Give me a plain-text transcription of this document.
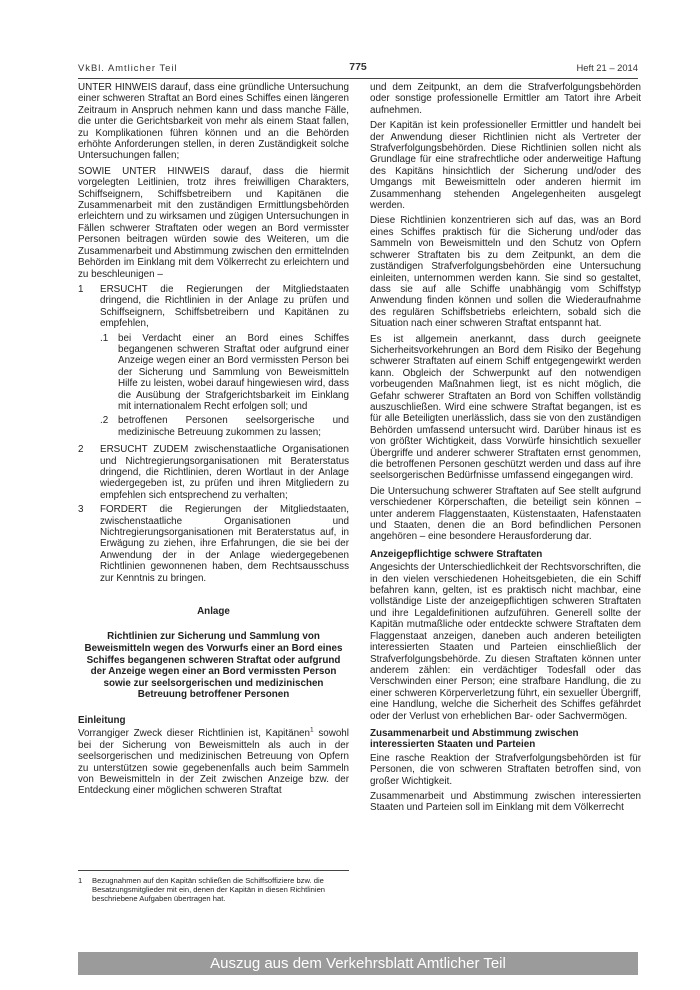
VkBl. Amtlicher Teil	775	Heft 21 – 2014

UNTER HINWEIS darauf, dass eine gründliche Untersuchung einer schweren Straftat an Bord eines Schiffes einen längeren Zeitraum in Anspruch nehmen kann und dass manche Fälle, die unter die Gerichtsbarkeit von mehr als einem Staat fallen, zu Komplikationen führen können und an die Behörden erhöhte Anforderungen stellen, in deren Zuständigkeit solche Untersuchungen fallen;

SOWIE UNTER HINWEIS darauf, dass die hiermit vorgelegten Leitlinien, trotz ihres freiwilligen Charakters, Schiffseignern, Schiffsbetreibern und Kapitänen die Zusammenarbeit mit den zuständigen Ermittlungsbehörden erleichtern und zu wirksamen und zügigen Untersuchungen in Fällen schwerer Straftaten oder wegen an Bord vermisster Personen beitragen würden sowie des Weiteren, um die Zusammenarbeit und Abstimmung zwischen den ermittelnden Behörden im Einklang mit dem Völkerrecht zu erleichtern und zu beschleunigen –

1	ERSUCHT die Regierungen der Mitgliedstaaten dringend, die Richtlinien in der Anlage zu prüfen und Schiffseignern, Schiffsbetreibern und Kapitänen zu empfehlen,
.1 bei Verdacht einer an Bord eines Schiffes begangenen schweren Straftat oder aufgrund einer Anzeige wegen einer an Bord vermissten Person bei der Sicherung und Sammlung von Beweismitteln Hilfe zu leisten, wobei darauf hingewiesen wird, dass die Ausübung der Strafgerichtsbarkeit im Einklang mit internationalem Recht erfolgen soll; und
.2 betroffenen Personen seelsorgerische und medizinische Betreuung zukommen zu lassen;
2	ERSUCHT ZUDEM zwischenstaatliche Organisationen und Nichtregierungsorganisationen mit Beraterstatus dringend, die Richtlinien, deren Wortlaut in der Anlage wiedergegeben ist, zu prüfen und ihren Mitgliedern zu empfehlen sich entsprechend zu verhalten;
3	FORDERT die Regierungen der Mitgliedstaaten, zwischenstaatliche Organisationen und Nichtregierungsorganisationen mit Beraterstatus auf, in Erwägung zu ziehen, ihre Erfahrungen, die sie bei der Anwendung der in der Anlage wiedergegebenen Richtlinien gewonnenen haben, dem Rechtsausschuss zur Kenntnis zu bringen.
Anlage
Richtlinien zur Sicherung und Sammlung von Beweismitteln wegen des Vorwurfs einer an Bord eines Schiffes begangenen schweren Straftat oder aufgrund der Anzeige wegen einer an Bord vermissten Person sowie zur seelsorgerischen und medizinischen Betreuung betroffener Personen
Einleitung

Vorrangiger Zweck dieser Richtlinien ist, Kapitänen$^1$ sowohl bei der Sicherung von Beweismitteln als auch in der seelsorgerischen und medizinischen Betreuung von Opfern zu unterstützen sowie gegebenenfalls auch beim Sammeln von Beweismitteln in der Zeit zwischen Anzeige bzw. der Entdeckung einer möglichen schweren Straftat

1	Bezugnahmen auf den Kapitän schließen die Schiffsoffiziere bzw. die Besatzungsmitglieder mit ein, denen der Kapitän in diesen Richtlinien beschriebene Aufgaben übertragen hat.

und dem Zeitpunkt, an dem die Strafverfolgungsbehörden oder sonstige professionelle Ermittler am Tatort ihre Arbeit aufnehmen.

Der Kapitän ist kein professioneller Ermittler und handelt bei der Anwendung dieser Richtlinien nicht als Vertreter der Strafverfolgungsbehörden. Diese Richtlinien sollen nicht als Grundlage für eine strafrechtliche oder anderweitige Haftung des Kapitäns hinsichtlich der Sicherung und/oder des Umgangs mit Beweismitteln oder anderen hiermit im Zusammenhang stehenden Angelegenheiten ausgelegt werden.

Diese Richtlinien konzentrieren sich auf das, was an Bord eines Schiffes praktisch für die Sicherung und/oder das Sammeln von Beweismitteln und den Schutz von Opfern schwerer Straftaten bis zu dem Zeitpunkt, an dem die zuständigen Strafverfolgungsbehörden eine Untersuchung einleiten, unternommen werden kann. Sie sind so gestaltet, dass sie auf alle Schiffe unabhängig vom Schiffstyp Anwendung finden können und sollen die Wiederaufnahme des regulären Schiffsbetriebs erleichtern, sobald sich die Situation nach einer schweren Straftat entspannt hat.

Es ist allgemein anerkannt, dass durch geeignete Sicherheitsvorkehrungen an Bord dem Risiko der Begehung schwerer Straftaten auf einem Schiff entgegengewirkt werden kann. Obgleich der Schwerpunkt auf den notwendigen vorbeugenden Maßnahmen liegt, ist es nicht möglich, die Gefahr schwerer Straftaten an Bord von Schiffen vollständig auszuschließen. Wird eine schwere Straftat begangen, ist es für alle Beteiligten unerlässlich, dass sie von den zuständigen Behörden umfassend untersucht wird. Darüber hinaus ist es von größter Wichtigkeit, dass Vorwürfe hinsichtlich sexueller Übergriffe und anderer schwerer Straftaten ernst genommen, die betroffenen Personen geschützt werden und dass auf ihre seelsorgerischen Bedürfnisse umfassend eingegangen wird.

Die Untersuchung schwerer Straftaten auf See stellt aufgrund verschiedener Körperschaften, die beteiligt sein können – unter anderem Flaggenstaaten, Küstenstaaten, Hafenstaaten und Staaten, denen die an Bord befindlichen Personen angehören – eine besondere Herausforderung dar.

Anzeigepflichtige schwere Straftaten

Angesichts der Unterschiedlichkeit der Rechtsvorschriften, die in den vielen verschiedenen Hoheitsgebieten, die ein Schiff befahren kann, gelten, ist es praktisch nicht machbar, eine vollständige Liste der anzeigepflichtigen schweren Straftaten und ihre Legaldefinitionen aufzuführen. Generell sollte der Kapitän mutmaßliche oder entdeckte schwere Straftaten dem Flaggenstaat anzeigen, daneben auch anderen beteiligten interessierten Staaten und Parteien einschließlich der Strafverfolgungsbehörde. Zu diesen Straftaten können unter anderem zählen: ein verdächtiger Todesfall oder das Verschwinden einer Person; eine strafbare Handlung, die zu einer schweren Körperverletzung führt, ein sexueller Übergriff, eine Handlung, welche die Sicherheit des Schiffes gefährdet oder der Verlust von erheblichen Bar- oder Sachvermögen.

Zusammenarbeit und Abstimmung zwischen interessierten Staaten und Parteien

Eine rasche Reaktion der Strafverfolgungsbehörden ist für Personen, die von schweren Straftaten betroffen sind, von großer Wichtigkeit.

Zusammenarbeit und Abstimmung zwischen interessierten Staaten und Parteien soll im Einklang mit dem Völkerrecht

Auszug aus dem Verkehrsblatt Amtlicher Teil
